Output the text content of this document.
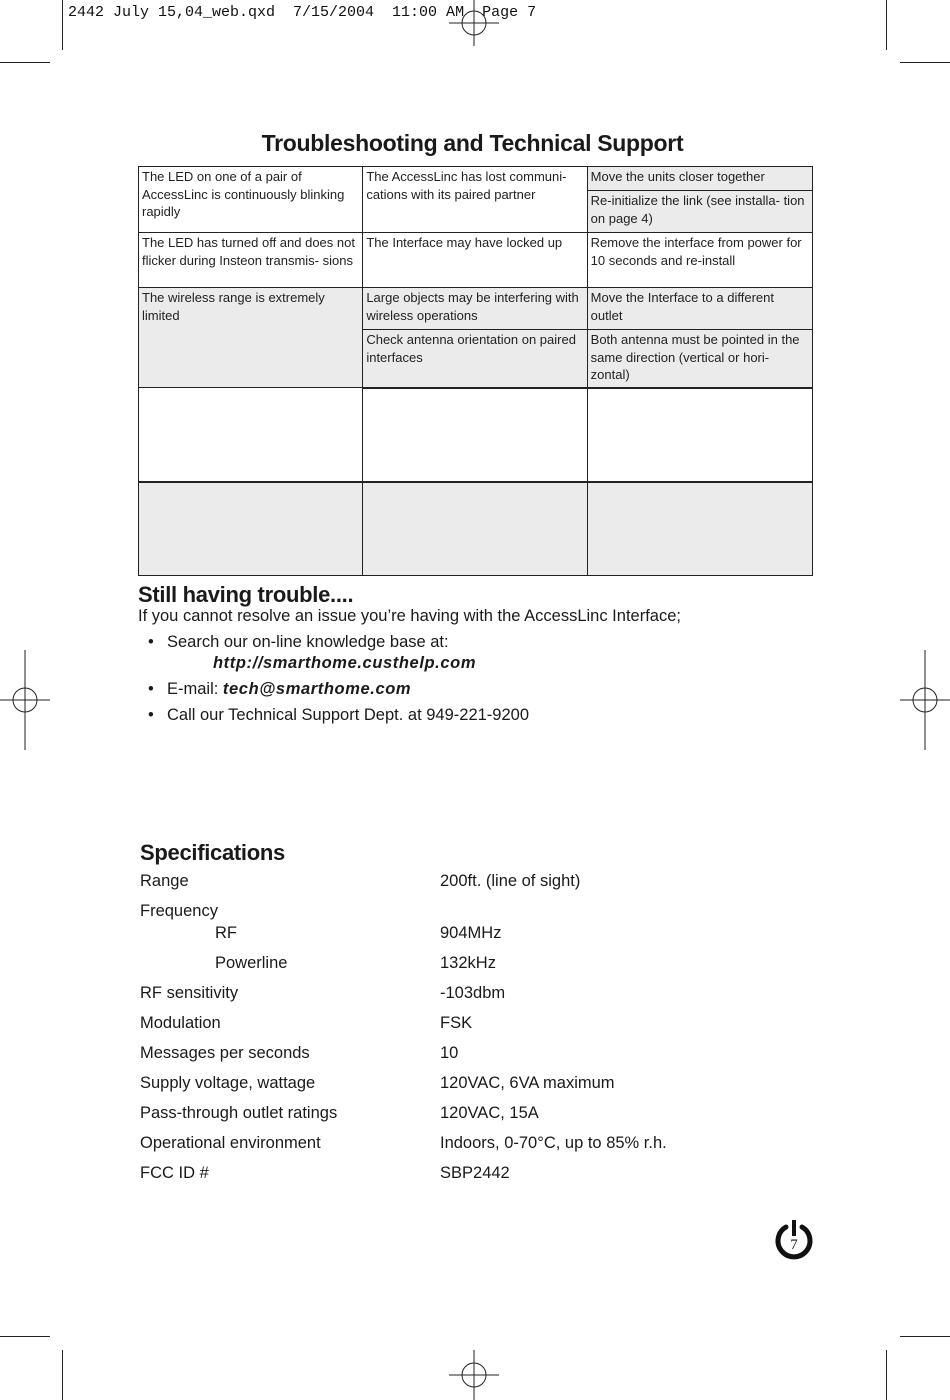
2442 July 15,04_web.qxd  7/15/2004  11:00 AM  Page 7
Troubleshooting and Technical Support
The LED on one of a pair of AccessLinc is continuously blinking rapidly	The AccessLinc has lost communi- cations with its paired partner	Move the units closer together
		Re-initialize the link (see installa- tion on page 4)
The LED has turned off and does not flicker during Insteon transmis- sions	The Interface may have locked up	Remove the interface from power for 10 seconds and re-install
The wireless range is extremely limited	Large objects may be interfering with wireless operations	Move the Interface to a different outlet
	Check antenna orientation on paired interfaces	Both antenna must be pointed in the same direction (vertical or hori- zontal)

Still having trouble....
If you cannot resolve an issue you’re having with the AccessLinc Interface;
• Search our on-line knowledge base at:
http://smarthome.custhelp.com
• E-mail: tech@smarthome.com
• Call our Technical Support Dept. at 949-221-9200
Specifications
Range	200ft. (line of sight)
Frequency
RF	904MHz
Powerline	132kHz
RF sensitivity	-103dbm
Modulation	FSK
Messages per seconds	10
Supply voltage, wattage	120VAC, 6VA maximum
Pass-through outlet ratings	120VAC, 15A
Operational environment	Indoors, 0-70°C, up to 85% r.h.
FCC ID #	SBP2442
7
